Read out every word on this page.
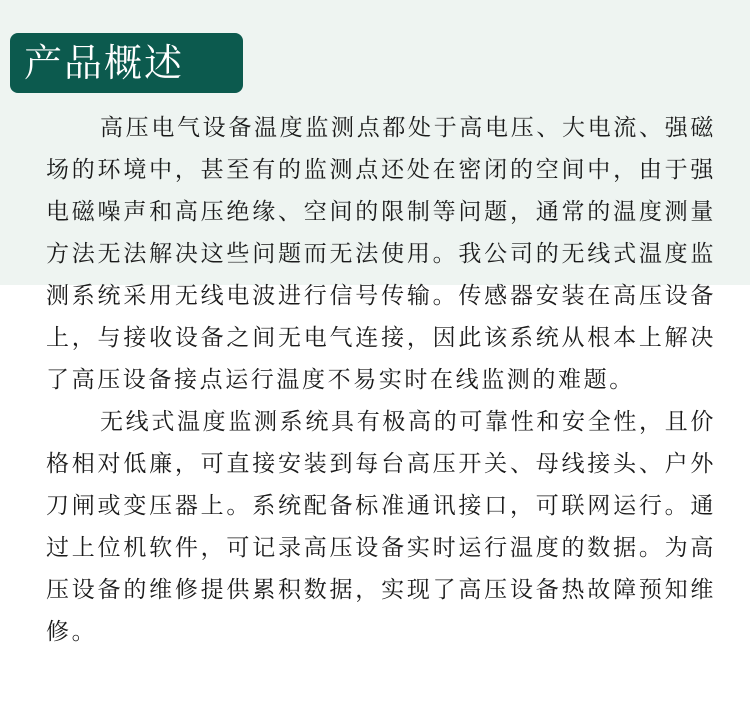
产品概述

高压电气设备温度监测点都处于高电压、大电流、强磁场的环境中，甚至有的监测点还处在密闭的空间中，由于强电磁噪声和高压绝缘、空间的限制等问题，通常的温度测量方法无法解决这些问题而无法使用。我公司的无线式温度监测系统采用无线电波进行信号传输。传感器安装在高压设备上，与接收设备之间无电气连接，因此该系统从根本上解决了高压设备接点运行温度不易实时在线监测的难题。

无线式温度监测系统具有极高的可靠性和安全性，且价格相对低廉，可直接安装到每台高压开关、母线接头、户外刀闸或变压器上。系统配备标准通讯接口，可联网运行。通过上位机软件，可记录高压设备实时运行温度的数据。为高压设备的维修提供累积数据，实现了高压设备热故障预知维修。
